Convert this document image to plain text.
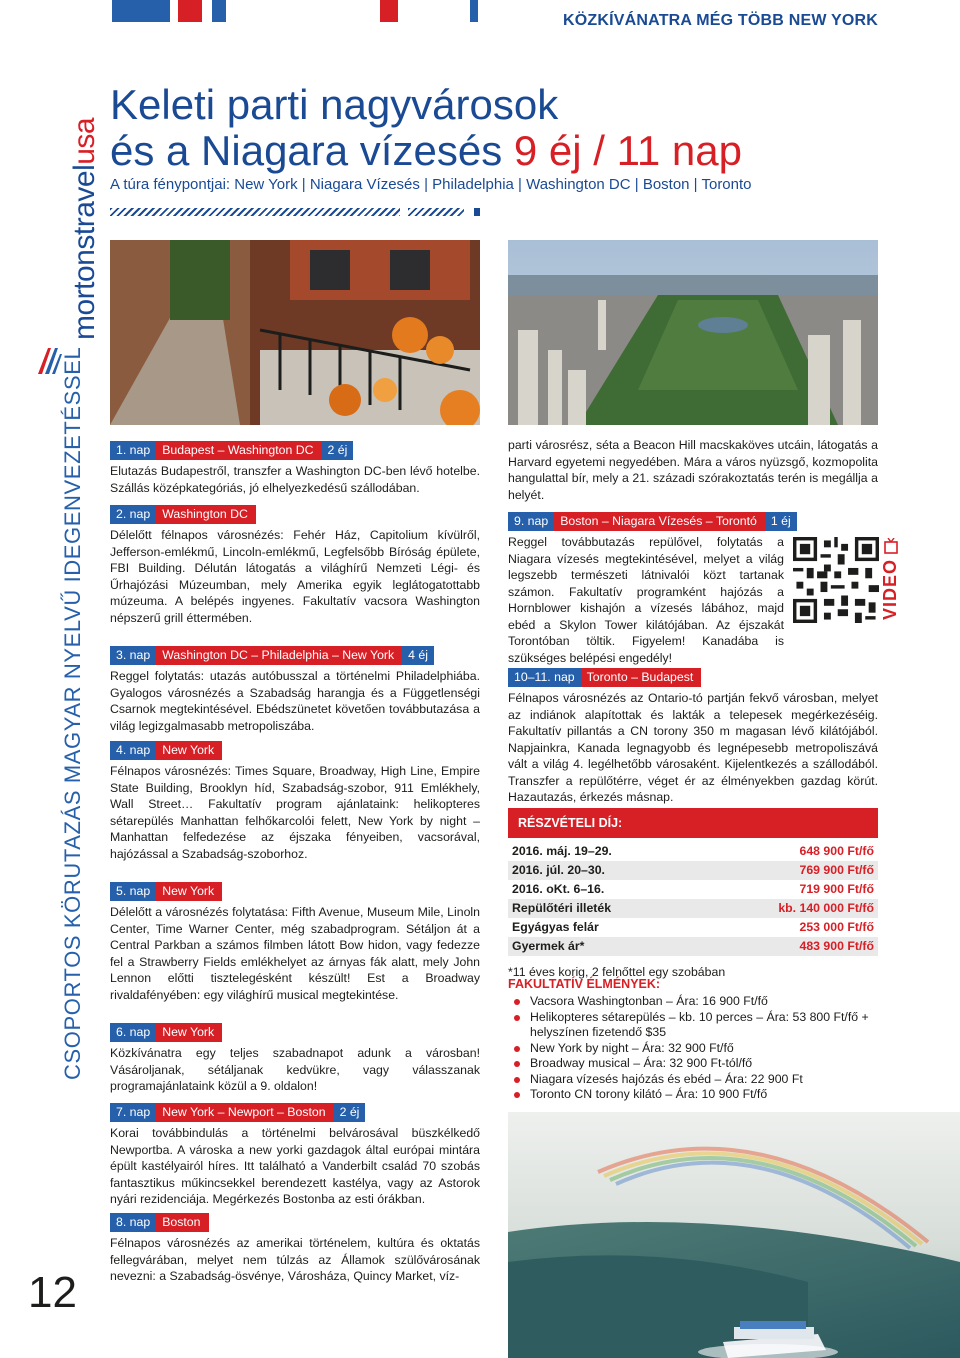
KÖZKÍVÁNATRA MÉG TÖBB NEW YORK
CSOPORTOS KÖRUTAZÁS MAGYAR NYELVŰ IDEGENVEZETÉSSEL
mortonstravelusa
12
Keleti parti nagyvárosok
és a Niagara vízesés 9 éj / 11 nap
A túra fénypontjai: New York | Niagara Vízesés | Philadelphia | Washington DC | Boston | Toronto
1. nap Budapest – Washington DC	2 éj

Elutazás Budapestről, transzfer a Washington DC-ben lévő hotelbe. Szállás középkategóriás, jó elhelyezkedésű szállodában.

2. nap Washington DC

Délelőtt félnapos városnézés: Fehér Ház, Capitolium kívülről, Jefferson-emlékmű, Lincoln-emlékmű, Legfelsőbb Bíróság épülete, FBI Building. Délután látogatás a világhírű Nemzeti Légi- és Űrhajózási Múzeumban, mely Amerika egyik leglátogatottabb múzeuma. A belépés ingyenes. Fakultatív vacsora Washington népszerű grill éttermében.

3. nap Washington DC – Philadelphia – New York	4 éj

Reggel folytatás: utazás autóbusszal a történelmi Philadelphiába. Gyalogos városnézés a Szabadság harangja és a Függetlenségi Csarnok megtekintésével. Ebédszünetet követően továbbutazása a világ legizgalmasabb metropoliszába.

4. nap New York

Félnapos városnézés: Times Square, Broadway, High Line, Empire State Building, Brooklyn híd, Szabadság-szobor, 911 Emlékhely, Wall Street… Fakultatív program ajánlataink: helikopteres sétarepülés Manhattan felhőkarcolói felett, New York by night – Manhattan felfedezése az éjszaka fényeiben, vacsorával, hajózással a Szabadság-szoborhoz.

5. nap New York

Délelőtt a városnézés folytatása: Fifth Avenue, Museum Mile, Linoln Center, Time Warner Center, még szabadprogram. Sétáljon át a Central Parkban a számos filmben látott Bow hidon, vagy fedezze fel a Strawberry Fields emlékhelyet az árnyas fák alatt, mely John Lennon előtti tisztelegésként készült! Est a Broadway rivaldafényében: egy világhírű musical megtekintése.

6. nap New York

Közkívánatra egy teljes szabadnapot adunk a városban! Vásároljanak, sétáljanak kedvükre, vagy válasszanak programajánlataink közül a 9. oldalon!

7. nap New York – Newport – Boston	2 éj

Korai továbbindulás a történelmi belvárosával büszkélkedő Newportba. A városka a new yorki gazdagok által európai mintára épült kastélyairól híres. Itt található a Vanderbilt család 70 szobás fantasztikus műkincsekkel berendezett kastélya, vagy az Astorok nyári rezidenciája. Megérkezés Bostonba az esti órákban.

8. nap Boston

Félnapos városnézés az amerikai történelem, kultúra és oktatás fellegvárában, melyet nem túlzás az Államok szülővárosának nevezni: a Szabadság-ösvénye, Városháza, Quincy Market, víz-

parti városrész, séta a Beacon Hill macskaköves utcáin, látogatás a Harvard egyetemi negyedében. Mára a város nyüzsgő, kozmopolita hangulattal bír, mely a 21. századi szórakoztatás terén is megállja a helyét.

9. nap Boston – Niagara Vízesés – Torontó	1 éj

Reggel továbbutazás repülővel, folytatás a Niagara vízesés megtekintésével, melyet a világ legszebb természeti látnivalói közt tartanak számon. Fakultatív programként hajózás a Hornblower kishajón a vízesés lábához, majd ebéd a Skylon Tower kilátójában. Az éjszakát Torontóban töltik. Figyelem! Kanadába is szükséges belépési engedély!

VIDEO
10–11. nap Toronto – Budapest

Félnapos városnézés az Ontario-tó partján fekvő városban, melyet az indiánok alapítottak és lakták a telepesek megérkezéséig. Fakultatív pillantás a CN torony 350 m magasan lévő kilátójából. Napjainkra, Kanada legnagyobb és legnépesebb metropoliszává vált a világ 4. legélhetőbb városaként. Kijelentkezés a szállodából. Transzfer a repülőtérre, véget ér az élményekben gazdag körút. Hazautazás, érkezés másnap.

RÉSZVÉTELI DÍJ:
2016. máj. 19–29.	648 900 Ft/fő
2016. júl. 20–30.	769 900 Ft/fő
2016. oKt. 6–16.	719 900 Ft/fő
Repülőtéri illeték	kb. 140 000 Ft/fő
Egyágyas felár	253 000 Ft/fő
Gyermek ár*	483 900 Ft/fő
*11 éves korig, 2 felnőttel egy szobában
FAKULTATÍV ÉLMÉNYEK:
Vacsora Washingtonban – Ára: 16 900 Ft/fő
Helikopteres sétarepülés – kb. 10 perces – Ára: 53 800 Ft/fő + helyszínen fizetendő $35
New York by night – Ára: 32 900 Ft/fő
Broadway musical – Ára: 32 900 Ft-tól/fő
Niagara vízesés hajózás és ebéd – Ára: 22 900 Ft
Toronto CN torony kilátó – Ára: 10 900 Ft/fő
